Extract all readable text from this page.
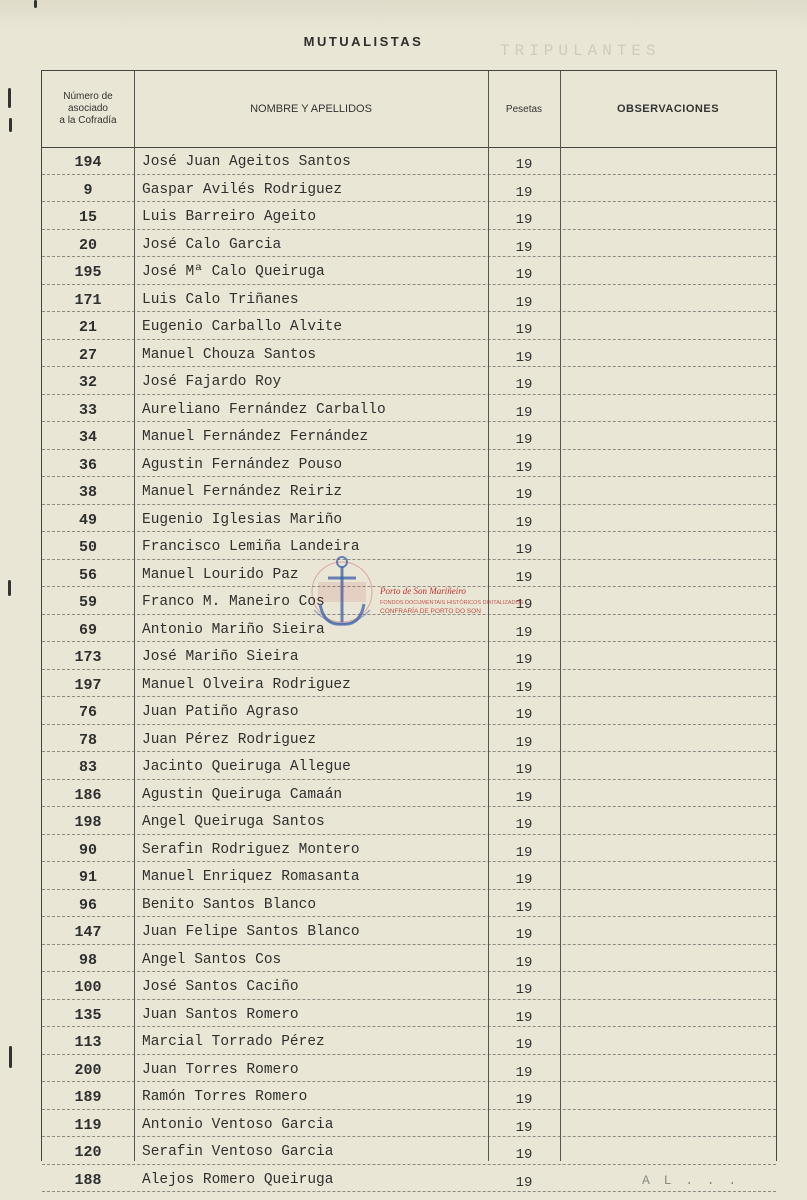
MUTUALISTAS
TRIPULANTES
Número de
asociado
a la Cofradía
NOMBRE Y APELLIDOS	Pesetas	OBSERVACIONES
194	José Juan Ageitos Santos	19
9	Gaspar Avilés Rodriguez	19
15	Luis Barreiro Ageito	19
20	José Calo Garcia	19
195	José Mª Calo Queiruga	19
171	Luis Calo Triñanes	19
21	Eugenio Carballo Alvite	19
27	Manuel Chouza Santos	19
32	José Fajardo Roy	19
33	Aureliano Fernández Carballo	19
34	Manuel Fernández Fernández	19
36	Agustin Fernández Pouso	19
38	Manuel Fernández Reiriz	19
49	Eugenio Iglesias Mariño	19
50	Francisco Lemiña Landeira	19
56	Manuel Lourido Paz	19
59	Franco M. Maneiro Cos	19
69	Antonio Mariño Sieira	19
173	José Mariño Sieira	19
197	Manuel Olveira Rodriguez	19
76	Juan Patiño Agraso	19
78	Juan Pérez Rodriguez	19
83	Jacinto Queiruga Allegue	19
186	Agustin Queiruga Camaán	19
198	Angel Queiruga Santos	19
90	Serafin Rodriguez Montero	19
91	Manuel Enriquez Romasanta	19
96	Benito Santos Blanco	19
147	Juan Felipe Santos Blanco	19
98	Angel Santos Cos	19
100	José Santos Caciño	19
135	Juan Santos Romero	19
113	Marcial Torrado Pérez	19
200	Juan Torres Romero	19
189	Ramón Torres Romero	19
119	Antonio Ventoso Garcia	19
120	Serafin Ventoso Garcia	19
188	Alejos Romero Queiruga	19	A L . . .
Porto de Son Mariñeiro
FONDOS DOCUMENTAIS HISTÓRICOS DIXITALIZADOS
CONFRARÍA DE PORTO DO SON
